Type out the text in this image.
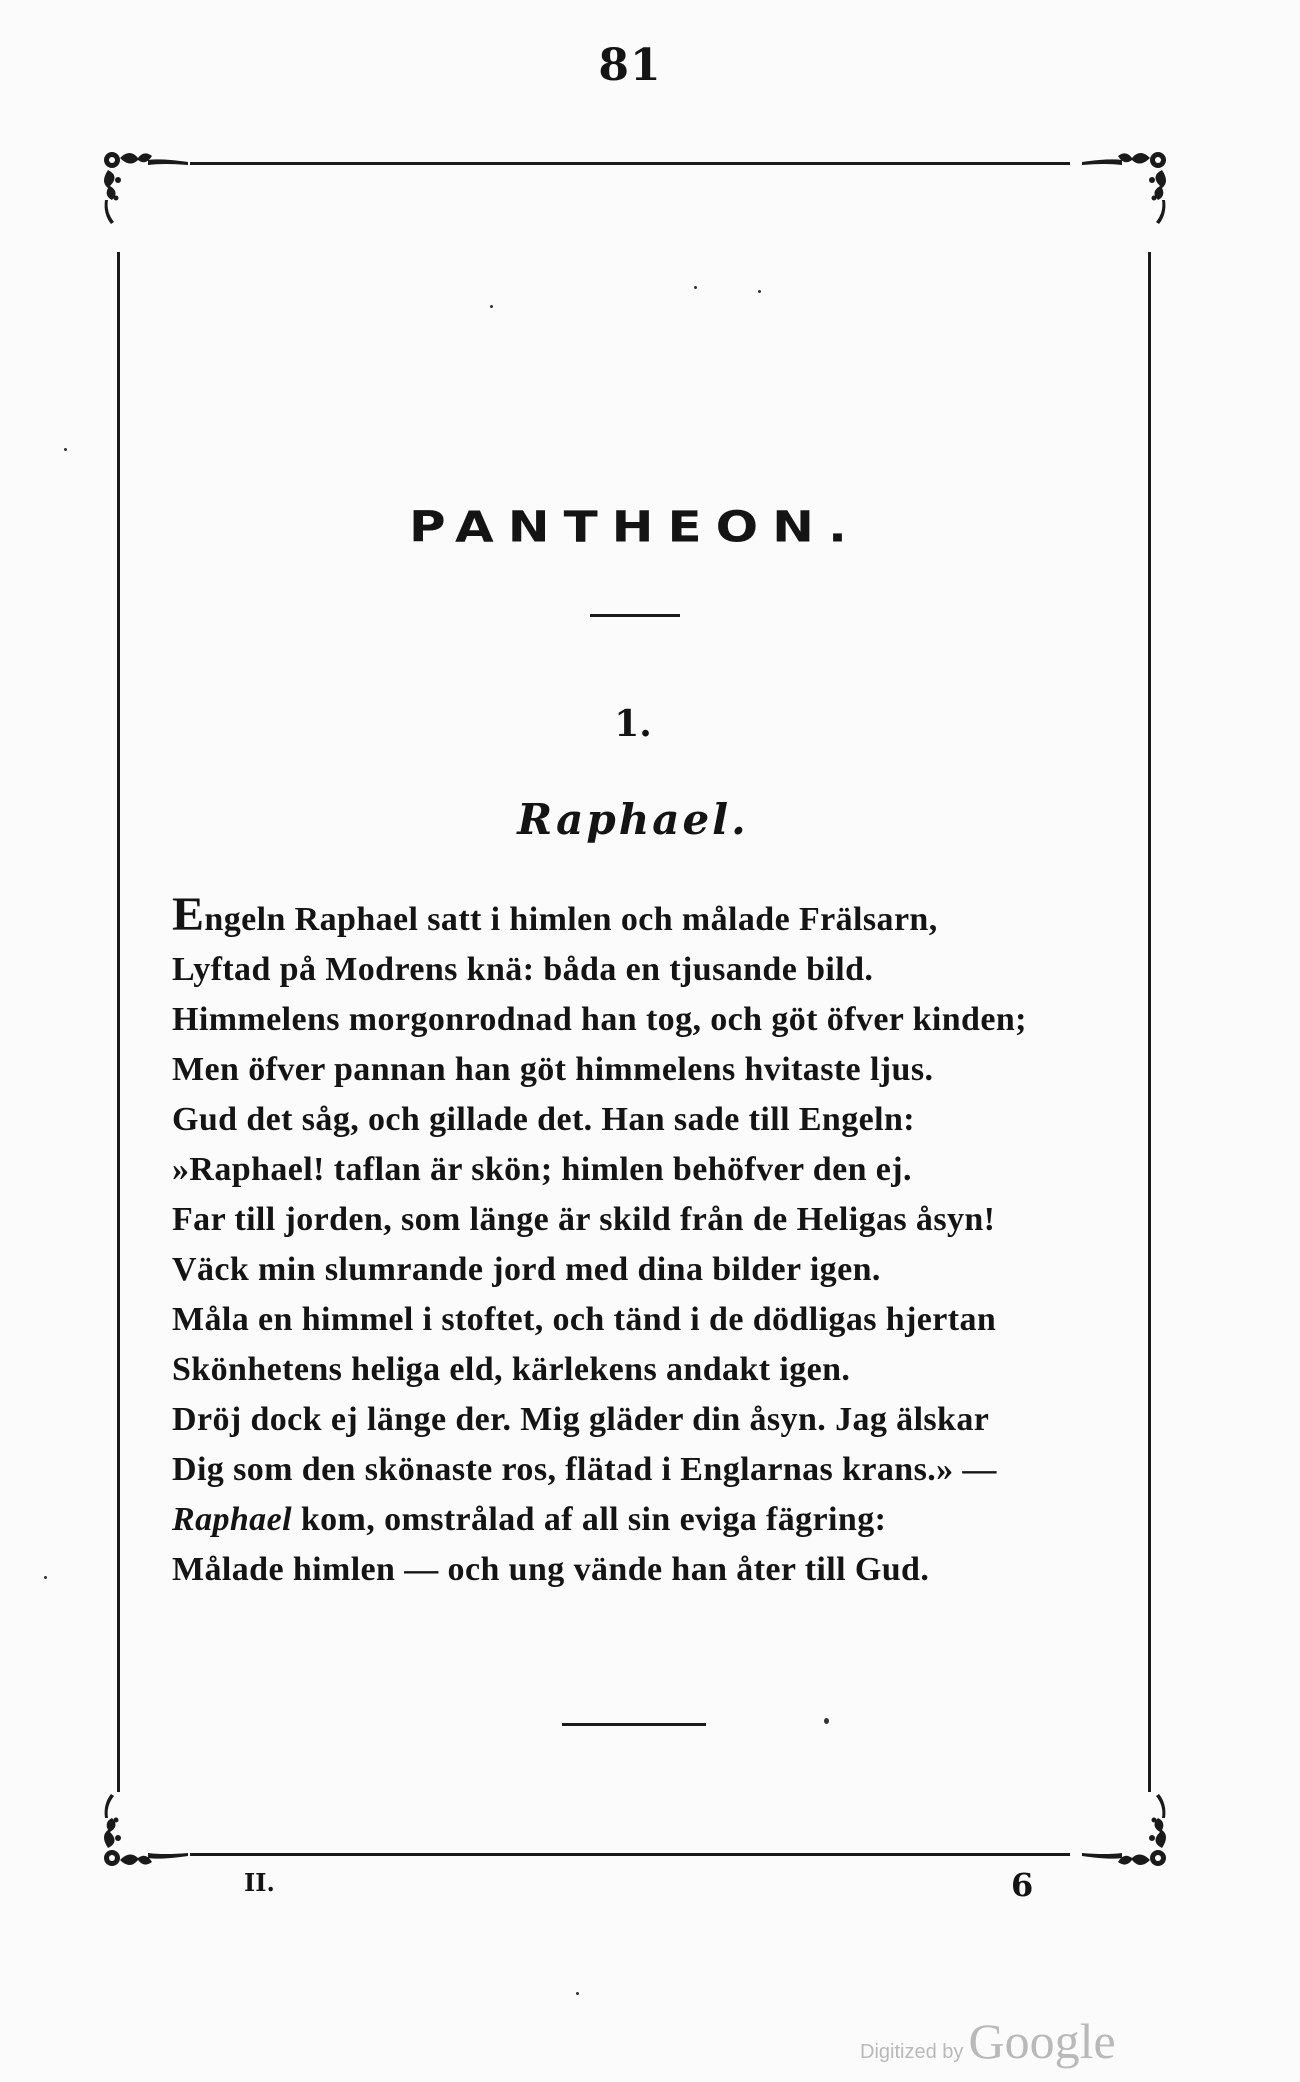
81
PANTHEON.
1.
Raphael.
Engeln Raphael satt i himlen och målade Frälsarn,
Lyftad på Modrens knä: båda en tjusande bild.
Himmelens morgonrodnad han tog, och göt öfver kinden;
Men öfver pannan han göt himmelens hvitaste ljus.
Gud det såg, och gillade det. Han sade till Engeln:
»Raphael! taflan är skön; himlen behöfver den ej.
Far till jorden, som länge är skild från de Heligas åsyn!
Väck min slumrande jord med dina bilder igen.
Måla en himmel i stoftet, och tänd i de dödligas hjertan
Skönhetens heliga eld, kärlekens andakt igen.
Dröj dock ej länge der. Mig gläder din åsyn. Jag älskar
Dig som den skönaste ros, flätad i Englarnas krans.» —
Raphael kom, omstrålad af all sin eviga fägring:
Målade himlen — och ung vände han åter till Gud.
II.	6
Digitized by Google
